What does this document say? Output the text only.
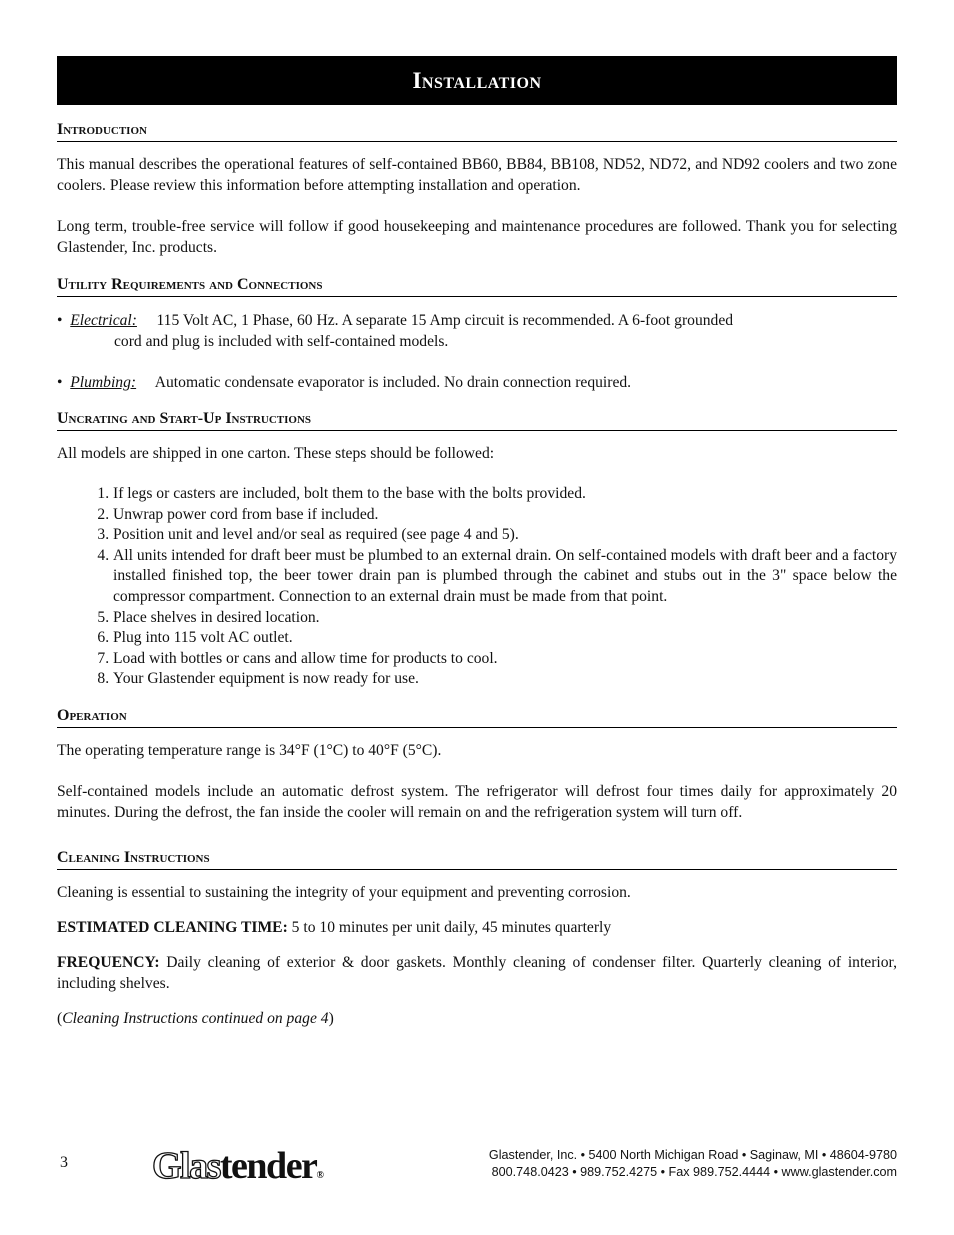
Installation
Introduction

This manual describes the operational features of self-contained BB60, BB84, BB108, ND52, ND72, and ND92 coolers and two zone coolers. Please review this information before attempting installation and operation.

Long term, trouble-free service will follow if good housekeeping and maintenance procedures are followed. Thank you for selecting Glastender, Inc. products.

Utility Requirements and Connections
•  Electrical: 115 Volt AC, 1 Phase, 60 Hz. A separate 15 Amp circuit is recommended. A 6-foot grounded
cord and plug is included with self-contained models.
•  Plumbing: Automatic condensate evaporator is included. No drain connection required.
Uncrating and Start-Up Instructions

All models are shipped in one carton. These steps should be followed:

1. If legs or casters are included, bolt them to the base with the bolts provided.
2. Unwrap power cord from base if included.
3. Position unit and level and/or seal as required (see page 4 and 5).
4. All units intended for draft beer must be plumbed to an external drain. On self-contained models with draft beer and a factory installed finished top, the beer tower drain pan is plumbed through the cabinet and stubs out in the 3" space below the compressor compartment. Connection to an external drain must be made from that point.
5. Place shelves in desired location.
6. Plug into 115 volt AC outlet.
7. Load with bottles or cans and allow time for products to cool.
8. Your Glastender equipment is now ready for use.
Operation

The operating temperature range is 34°F (1°C) to 40°F (5°C).

Self-contained models include an automatic defrost system. The refrigerator will defrost four times daily for approximately 20 minutes. During the defrost, the fan inside the cooler will remain on and the refrigeration system will turn off.

Cleaning Instructions

Cleaning is essential to sustaining the integrity of your equipment and preventing corrosion.

ESTIMATED CLEANING TIME: 5 to 10 minutes per unit daily, 45 minutes quarterly

FREQUENCY: Daily cleaning of exterior & door gaskets. Monthly cleaning of condenser filter. Quarterly cleaning of interior, including shelves.

(Cleaning Instructions continued on page 4)

3 Glastender®
Glastender, Inc. • 5400 North Michigan Road • Saginaw, MI • 48604-9780
800.748.0423 • 989.752.4275 • Fax 989.752.4444 • www.glastender.com
